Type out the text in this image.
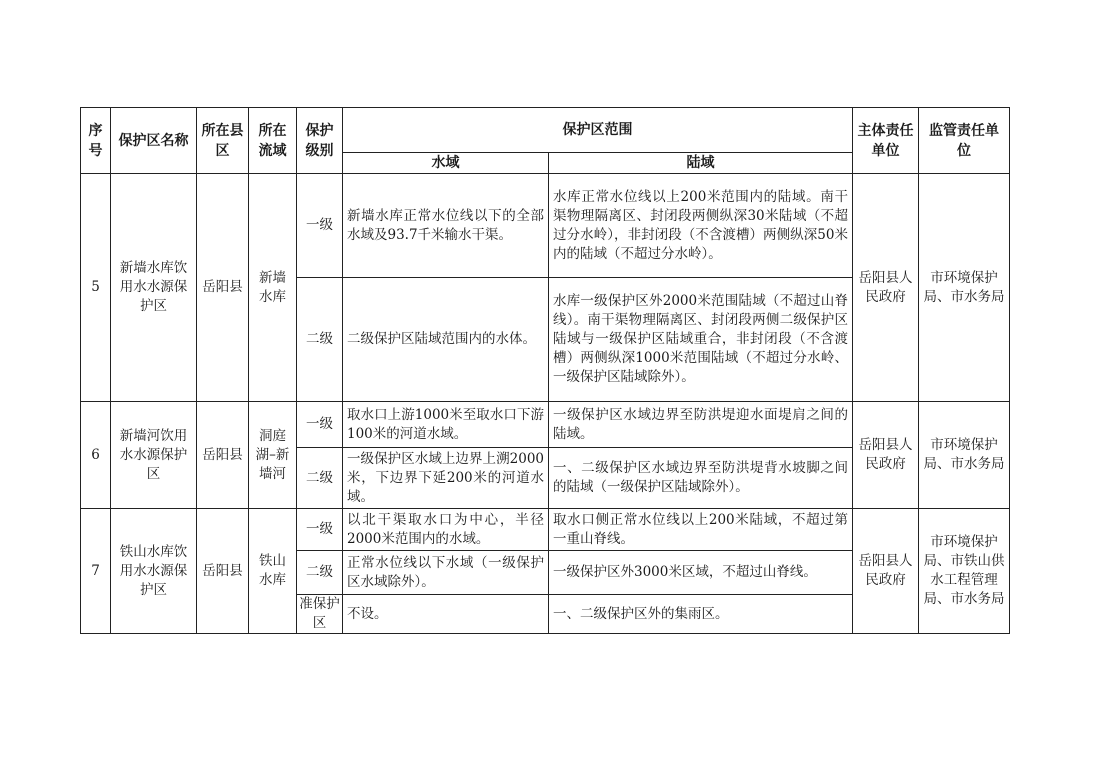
序号	保护区名称	所在县区	所在流域	保护级别	保护区范围		主体责任单位	监管责任单位
					水域	陆域		
5	新墙水库饮用水水源保护区	岳阳县	新墙水库	一级	新墙水库正常水位线以下的全部水域及93.7千米输水干渠。	水库正常水位线以上200米范围内的陆域。南干渠物理隔离区、封闭段两侧纵深30米陆域（不超过分水岭），非封闭段（不含渡槽）两侧纵深50米内的陆域（不超过分水岭）。	岳阳县人民政府	市环境保护局、市水务局
				二级	二级保护区陆域范围内的水体。	水库一级保护区外2000米范围陆域（不超过山脊线）。南干渠物理隔离区、封闭段两侧二级保护区陆域与一级保护区陆域重合，非封闭段（不含渡槽）两侧纵深1000米范围陆域（不超过分水岭、一级保护区陆域除外）。		
6	新墙河饮用水水源保护区	岳阳县	洞庭湖–新墙河	一级	取水口上游1000米至取水口下游100米的河道水域。	一级保护区水域边界至防洪堤迎水面堤肩之间的陆域。	岳阳县人民政府	市环境保护局、市水务局
				二级	一级保护区水域上边界上溯2000米，下边界下延200米的河道水域。	一、二级保护区水域边界至防洪堤背水坡脚之间的陆域（一级保护区陆域除外）。		
7	铁山水库饮用水水源保护区	岳阳县	铁山水库	一级	以北干渠取水口为中心，半径2000米范围内的水域。	取水口侧正常水位线以上200米陆域，不超过第一重山脊线。	岳阳县人民政府	市环境保护局、市铁山供水工程管理局、市水务局
				二级	正常水位线以下水域（一级保护区水域除外）。	一级保护区外3000米区域，不超过山脊线。		
				准保护区	不设。	一、二级保护区外的集雨区。		
